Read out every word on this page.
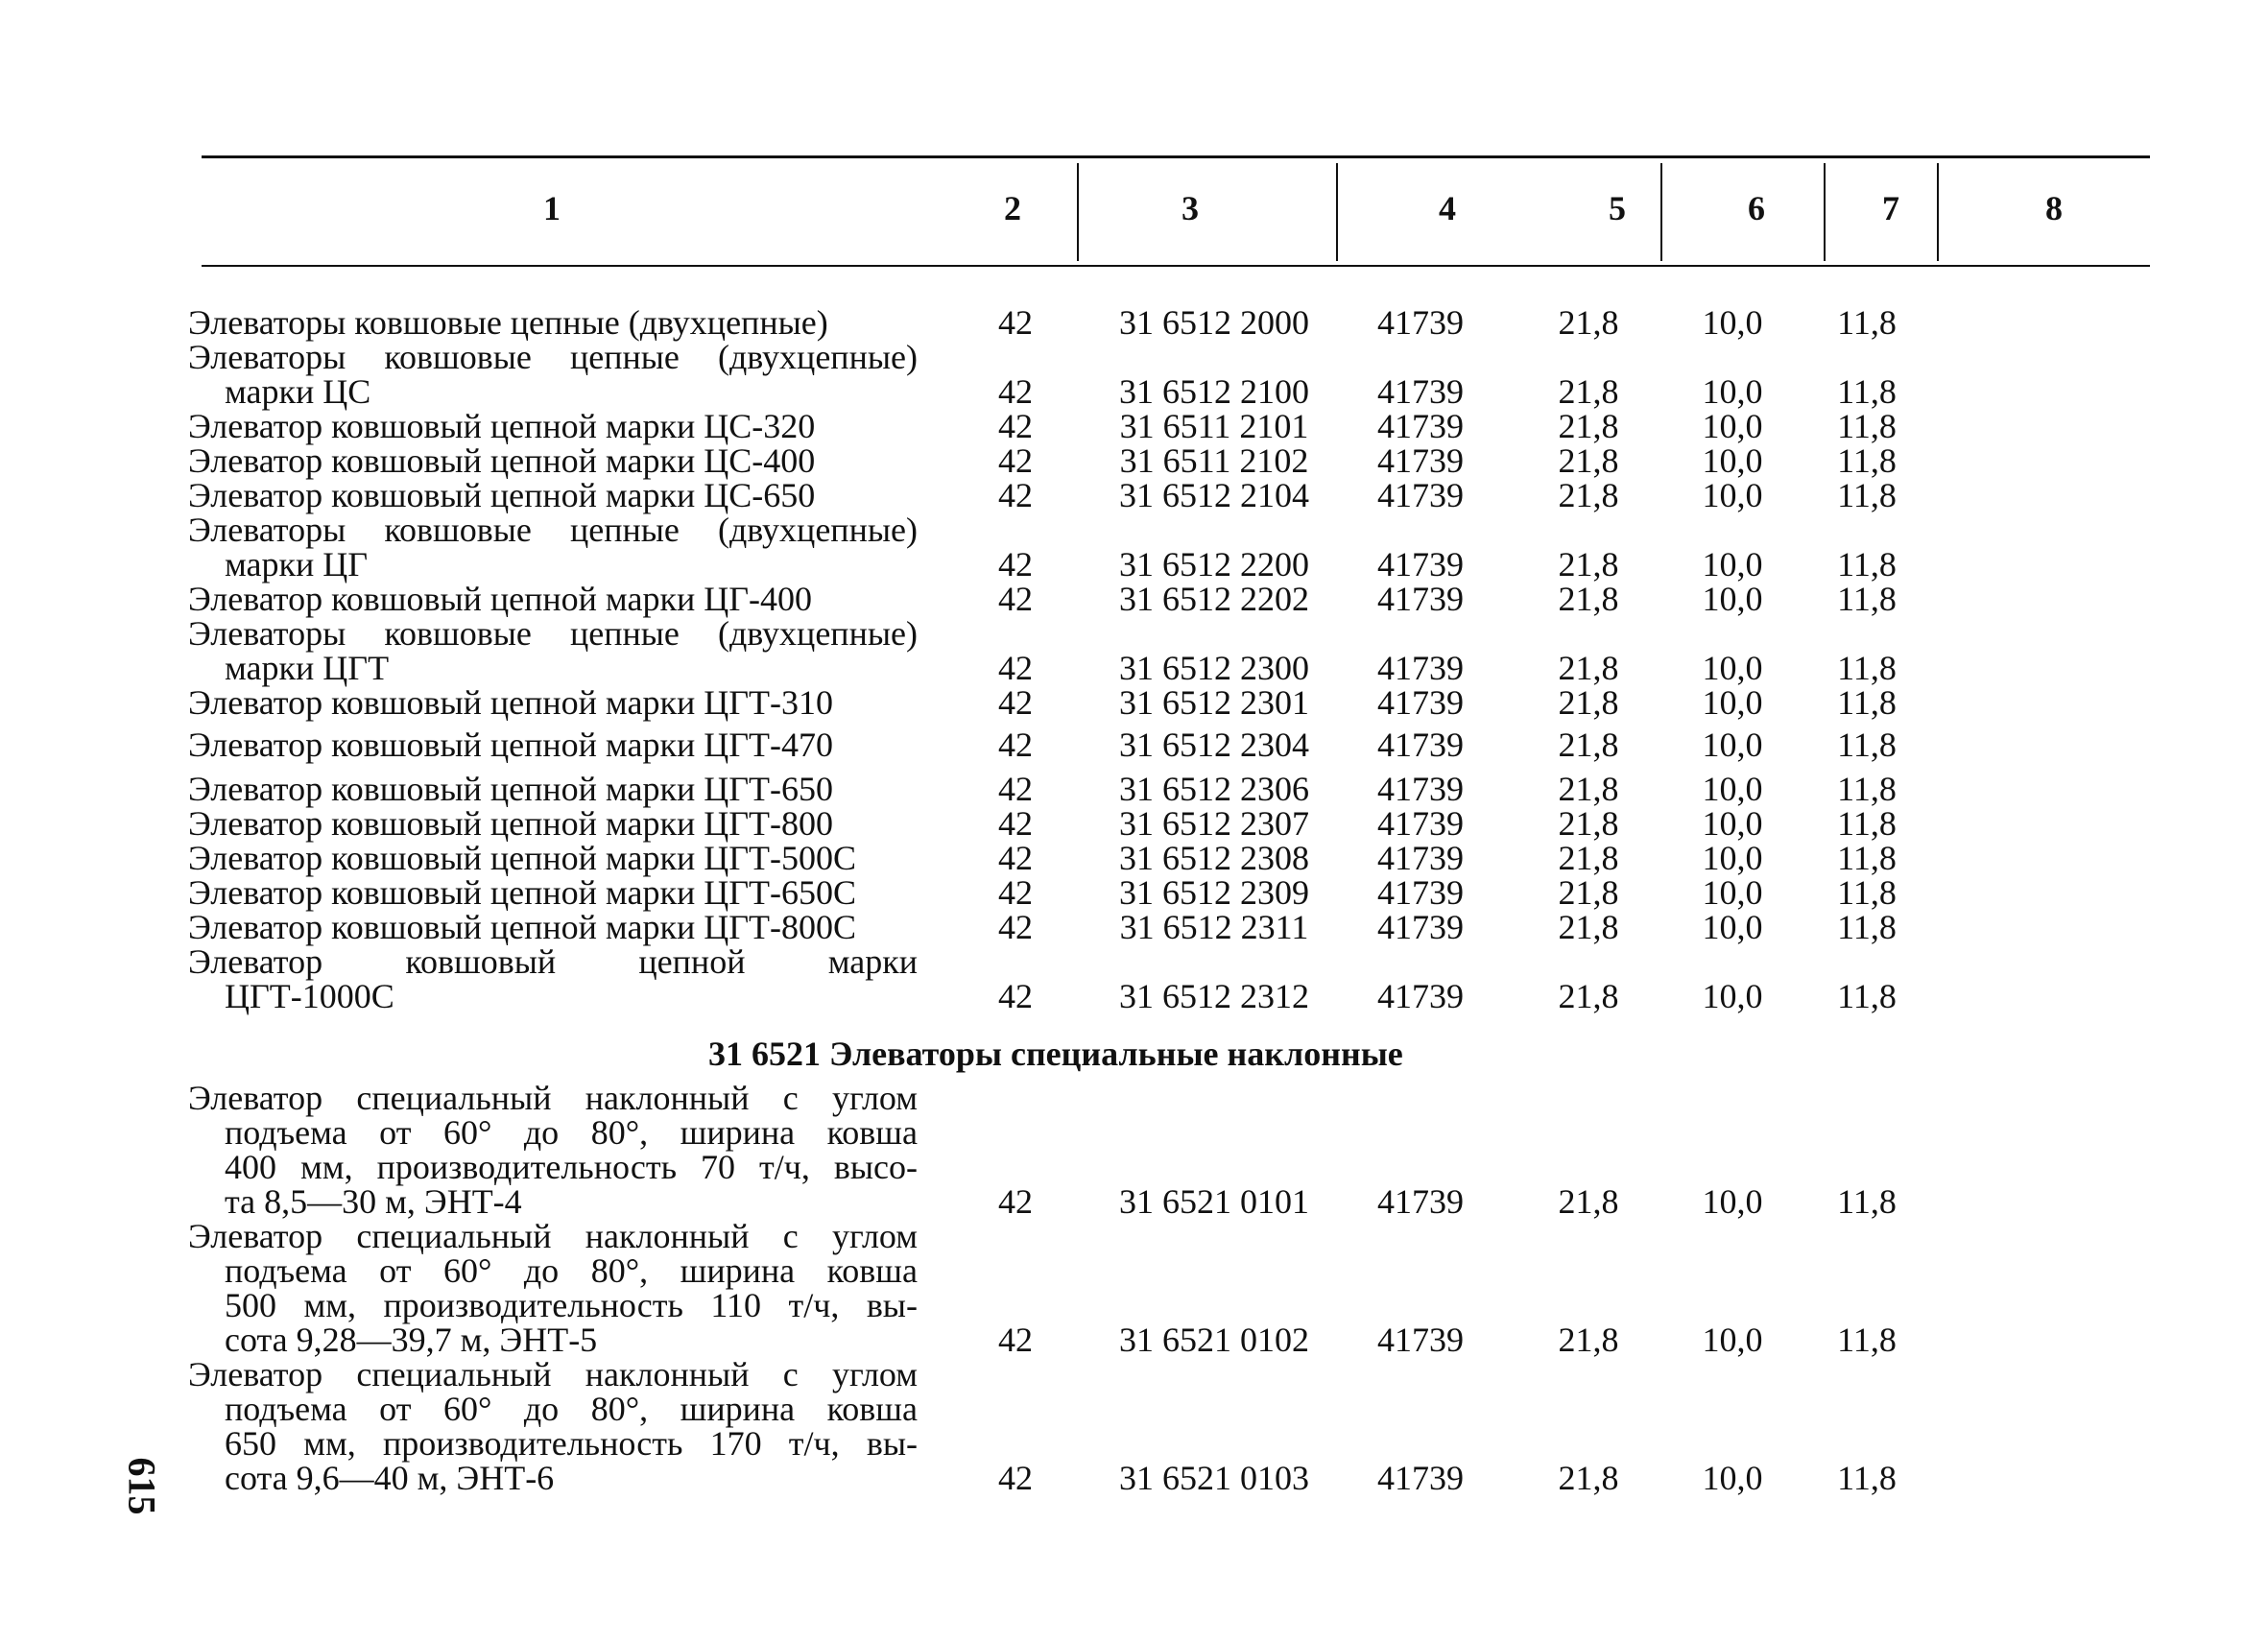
1	2	3	4	5	6	7	8
Элеваторы ковшовые цепные (двухцепные)	42	31 6512 2000	41739	21,8	10,0	11,8
Элеваторы ковшовые цепные (двухцепные)
марки ЦС	42	31 6512 2100	41739	21,8	10,0	11,8
Элеватор ковшовый цепной марки ЦС-320	42	31 6511 2101	41739	21,8	10,0	11,8
Элеватор ковшовый цепной марки ЦС-400	42	31 6511 2102	41739	21,8	10,0	11,8
Элеватор ковшовый цепной марки ЦС-650	42	31 6512 2104	41739	21,8	10,0	11,8
Элеваторы ковшовые цепные (двухцепные)
марки ЦГ	42	31 6512 2200	41739	21,8	10,0	11,8
Элеватор ковшовый цепной марки ЦГ-400	42	31 6512 2202	41739	21,8	10,0	11,8
Элеваторы ковшовые цепные (двухцепные)
марки ЦГТ	42	31 6512 2300	41739	21,8	10,0	11,8
Элеватор ковшовый цепной марки ЦГТ-310	42	31 6512 2301	41739	21,8	10,0	11,8
Элеватор ковшовый цепной марки ЦГТ-470	42	31 6512 2304	41739	21,8	10,0	11,8
Элеватор ковшовый цепной марки ЦГТ-650	42	31 6512 2306	41739	21,8	10,0	11,8
Элеватор ковшовый цепной марки ЦГТ-800	42	31 6512 2307	41739	21,8	10,0	11,8
Элеватор ковшовый цепной марки ЦГТ-500С	42	31 6512 2308	41739	21,8	10,0	11,8
Элеватор ковшовый цепной марки ЦГТ-650С	42	31 6512 2309	41739	21,8	10,0	11,8
Элеватор ковшовый цепной марки ЦГТ-800С	42	31 6512 2311	41739	21,8	10,0	11,8
Элеватор ковшовый цепной марки
ЦГТ-1000С	42	31 6512 2312	41739	21,8	10,0	11,8
Элеватор специальный наклонный с углом
подъема от 60° до 80°, ширина ковша
400 мм, производительность 70 т/ч, высо-
та 8,5—30 м, ЭНТ-4	42	31 6521 0101	41739	21,8	10,0	11,8
Элеватор специальный наклонный с углом
подъема от 60° до 80°, ширина ковша
500 мм, производительность 110 т/ч, вы-
сота 9,28—39,7 м, ЭНТ-5	42	31 6521 0102	41739	21,8	10,0	11,8
Элеватор специальный наклонный с углом
подъема от 60° до 80°, ширина ковша
650 мм, производительность 170 т/ч, вы-
сота 9,6—40 м, ЭНТ-6	42	31 6521 0103	41739	21,8	10,0	11,8
31 6521 Элеваторы специальные наклонные
615
